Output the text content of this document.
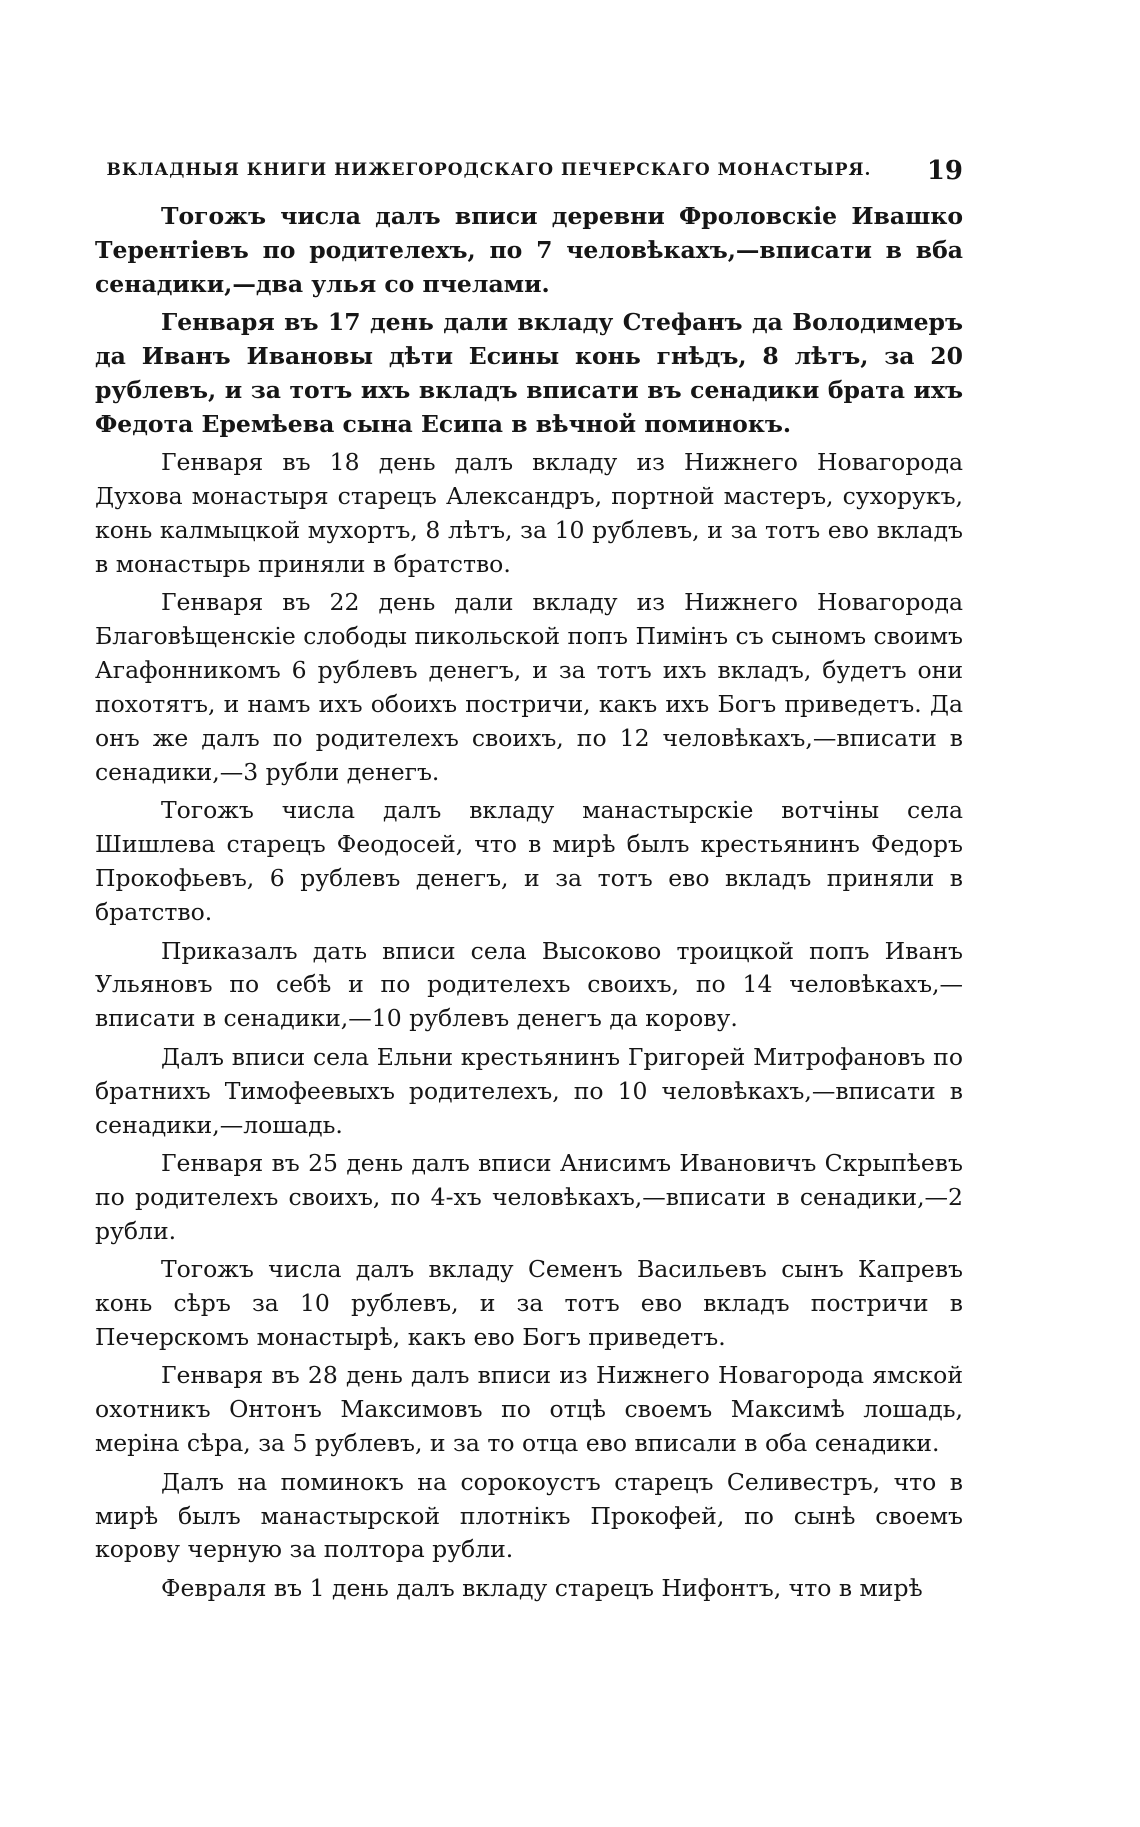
ВКЛАДНЫЯ КНИГИ НИЖЕГОРОДСКАГО ПЕЧЕРСКАГО МОНАСТЫРЯ.	19

Тогожъ числа далъ вписи деревни Фроловскіе Ивашко Терентіевъ по родителехъ, по 7 человѣкахъ,—вписати в вба сенадики,—два улья со пчелами.

Генваря въ 17 день дали вкладу Стефанъ да Володимеръ да Иванъ Ивановы дѣти Есины конь гнѣдъ, 8 лѣтъ, за 20 рублевъ, и за тотъ ихъ вкладъ вписати въ сенадики брата ихъ Федота Еремѣева сына Есипа в вѣчной поминокъ.

Генваря въ 18 день далъ вкладу из Нижнего Новагорода Духова монастыря старецъ Александръ, портной мастеръ, сухорукъ, конь калмыцкой мухортъ, 8 лѣтъ, за 10 рублевъ, и за тотъ ево вкладъ в монастырь приняли в братство.

Генваря въ 22 день дали вкладу из Нижнего Новагорода Благовѣщенскіе слободы пикольской попъ Пимінъ съ сыномъ своимъ Агафонникомъ 6 рублевъ денегъ, и за тотъ ихъ вкладъ, будетъ они похотятъ, и намъ ихъ обоихъ постричи, какъ ихъ Богъ приведетъ. Да онъ же далъ по родителехъ своихъ, по 12 человѣкахъ,—вписати в сенадики,—3 рубли денегъ.

Тогожъ числа далъ вкладу манастырскіе вотчіны села Шишлева старецъ Феодосей, что в мирѣ былъ крестьянинъ Федоръ Прокофьевъ, 6 рублевъ денегъ, и за тотъ ево вкладъ приняли в братство.

Приказалъ дать вписи села Высоково троицкой попъ Иванъ Ульяновъ по себѣ и по родителехъ своихъ, по 14 человѣкахъ,—вписати в сенадики,—10 рублевъ денегъ да корову.

Далъ вписи села Ельни крестьянинъ Григорей Митрофановъ по братнихъ Тимофеевыхъ родителехъ, по 10 человѣкахъ,—вписати в сенадики,—лошадь.

Генваря въ 25 день далъ вписи Анисимъ Ивановичъ Скрыпѣевъ по родителехъ своихъ, по 4-хъ человѣкахъ,—вписати в сенадики,—2 рубли.

Тогожъ числа далъ вкладу Семенъ Васильевъ сынъ Капревъ конь сѣръ за 10 рублевъ, и за тотъ ево вкладъ постричи в Печерскомъ монастырѣ, какъ ево Богъ приведетъ.

Генваря въ 28 день далъ вписи из Нижнего Новагорода ямской охотникъ Онтонъ Максимовъ по отцѣ своемъ Максимѣ лошадь, меріна сѣра, за 5 рублевъ, и за то отца ево вписали в оба сенадики.

Далъ на поминокъ на сорокоустъ старецъ Селивестръ, что в мирѣ былъ манастырской плотнікъ Прокофей, по сынѣ своемъ корову черную за полтора рубли.

Февраля въ 1 день далъ вкладу старецъ Нифонтъ, что в мирѣ
